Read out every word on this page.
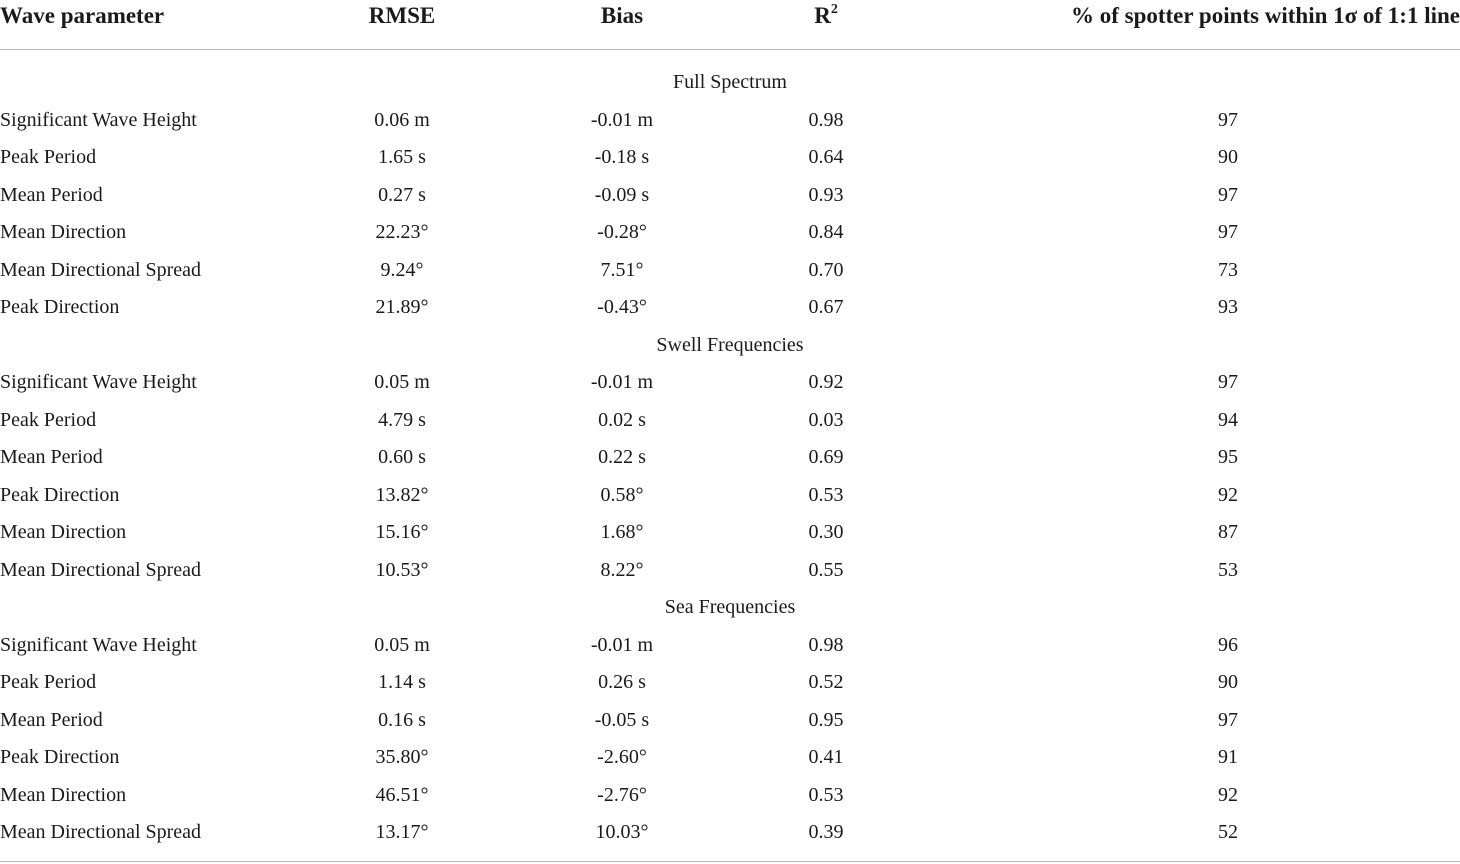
Wave parameter	RMSE	Bias	$R^2$	% of spotter points within 1σ of 1:1 line
Full Spectrum
Significant Wave Height	0.06 m	-0.01 m	0.98	97
Peak Period	1.65 s	-0.18 s	0.64	90
Mean Period	0.27 s	-0.09 s	0.93	97
Mean Direction	22.23°	-0.28°	0.84	97
Mean Directional Spread	9.24°	7.51°	0.70	73
Peak Direction	21.89°	-0.43°	0.67	93
Swell Frequencies
Significant Wave Height	0.05 m	-0.01 m	0.92	97
Peak Period	4.79 s	0.02 s	0.03	94
Mean Period	0.60 s	0.22 s	0.69	95
Peak Direction	13.82°	0.58°	0.53	92
Mean Direction	15.16°	1.68°	0.30	87
Mean Directional Spread	10.53°	8.22°	0.55	53
Sea Frequencies
Significant Wave Height	0.05 m	-0.01 m	0.98	96
Peak Period	1.14 s	0.26 s	0.52	90
Mean Period	0.16 s	-0.05 s	0.95	97
Peak Direction	35.80°	-2.60°	0.41	91
Mean Direction	46.51°	-2.76°	0.53	92
Mean Directional Spread	13.17°	10.03°	0.39	52
